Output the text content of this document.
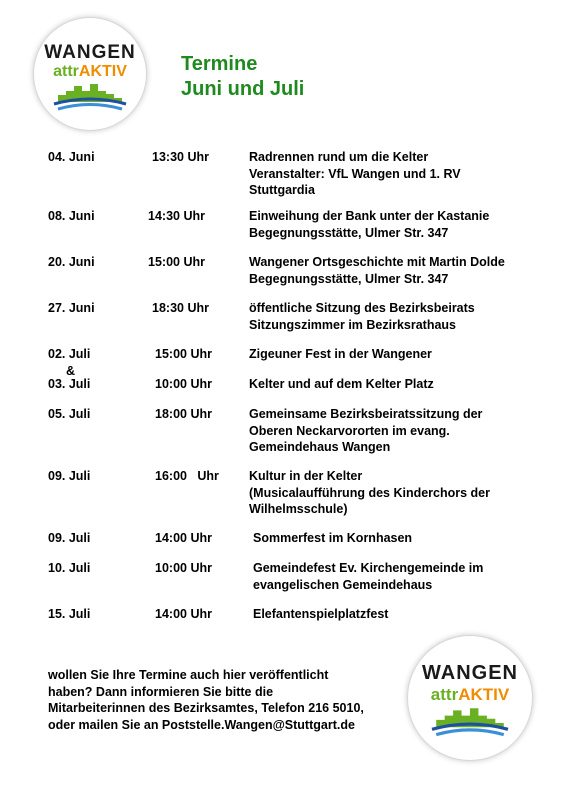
WANGEN
attrAKTIV	Termine
Juni und Juli
04. Juni	13:30 Uhr	Radrennen rund um die Kelter
Veranstalter: VfL Wangen und 1. RV
Stuttgardia
08. Juni	14:30 Uhr	Einweihung der Bank unter der Kastanie
Begegnungsstätte, Ulmer Str. 347
20. Juni	15:00 Uhr	Wangener Ortsgeschichte mit Martin Dolde
Begegnungsstätte, Ulmer Str. 347
27. Juni	18:30 Uhr	öffentliche Sitzung des Bezirksbeirats
Sitzungszimmer im Bezirksrathaus
02. Juli	15:00 Uhr	Zigeuner Fest in der Wangener
&
03. Juli	10:00 Uhr	Kelter und auf dem Kelter Platz
05. Juli	18:00 Uhr	Gemeinsame Bezirksbeiratssitzung der
Oberen Neckarvororten im evang.
Gemeindehaus Wangen
09. Juli	16:00   Uhr Kultur in der Kelter
(Musicalaufführung des Kinderchors der
Wilhelmsschule)
09. Juli	14:00 Uhr	Sommerfest im Kornhasen
10. Juli	10:00 Uhr	Gemeindefest Ev. Kirchengemeinde im
evangelischen Gemeindehaus
15. Juli	14:00 Uhr	Elefantenspielplatzfest
wollen Sie Ihre Termine auch hier veröffentlicht
haben? Dann informieren Sie bitte die
Mitarbeiterinnen des Bezirksamtes, Telefon 216 5010,
oder mailen Sie an Poststelle.Wangen@Stuttgart.de
WANGEN
attrAKTIV
